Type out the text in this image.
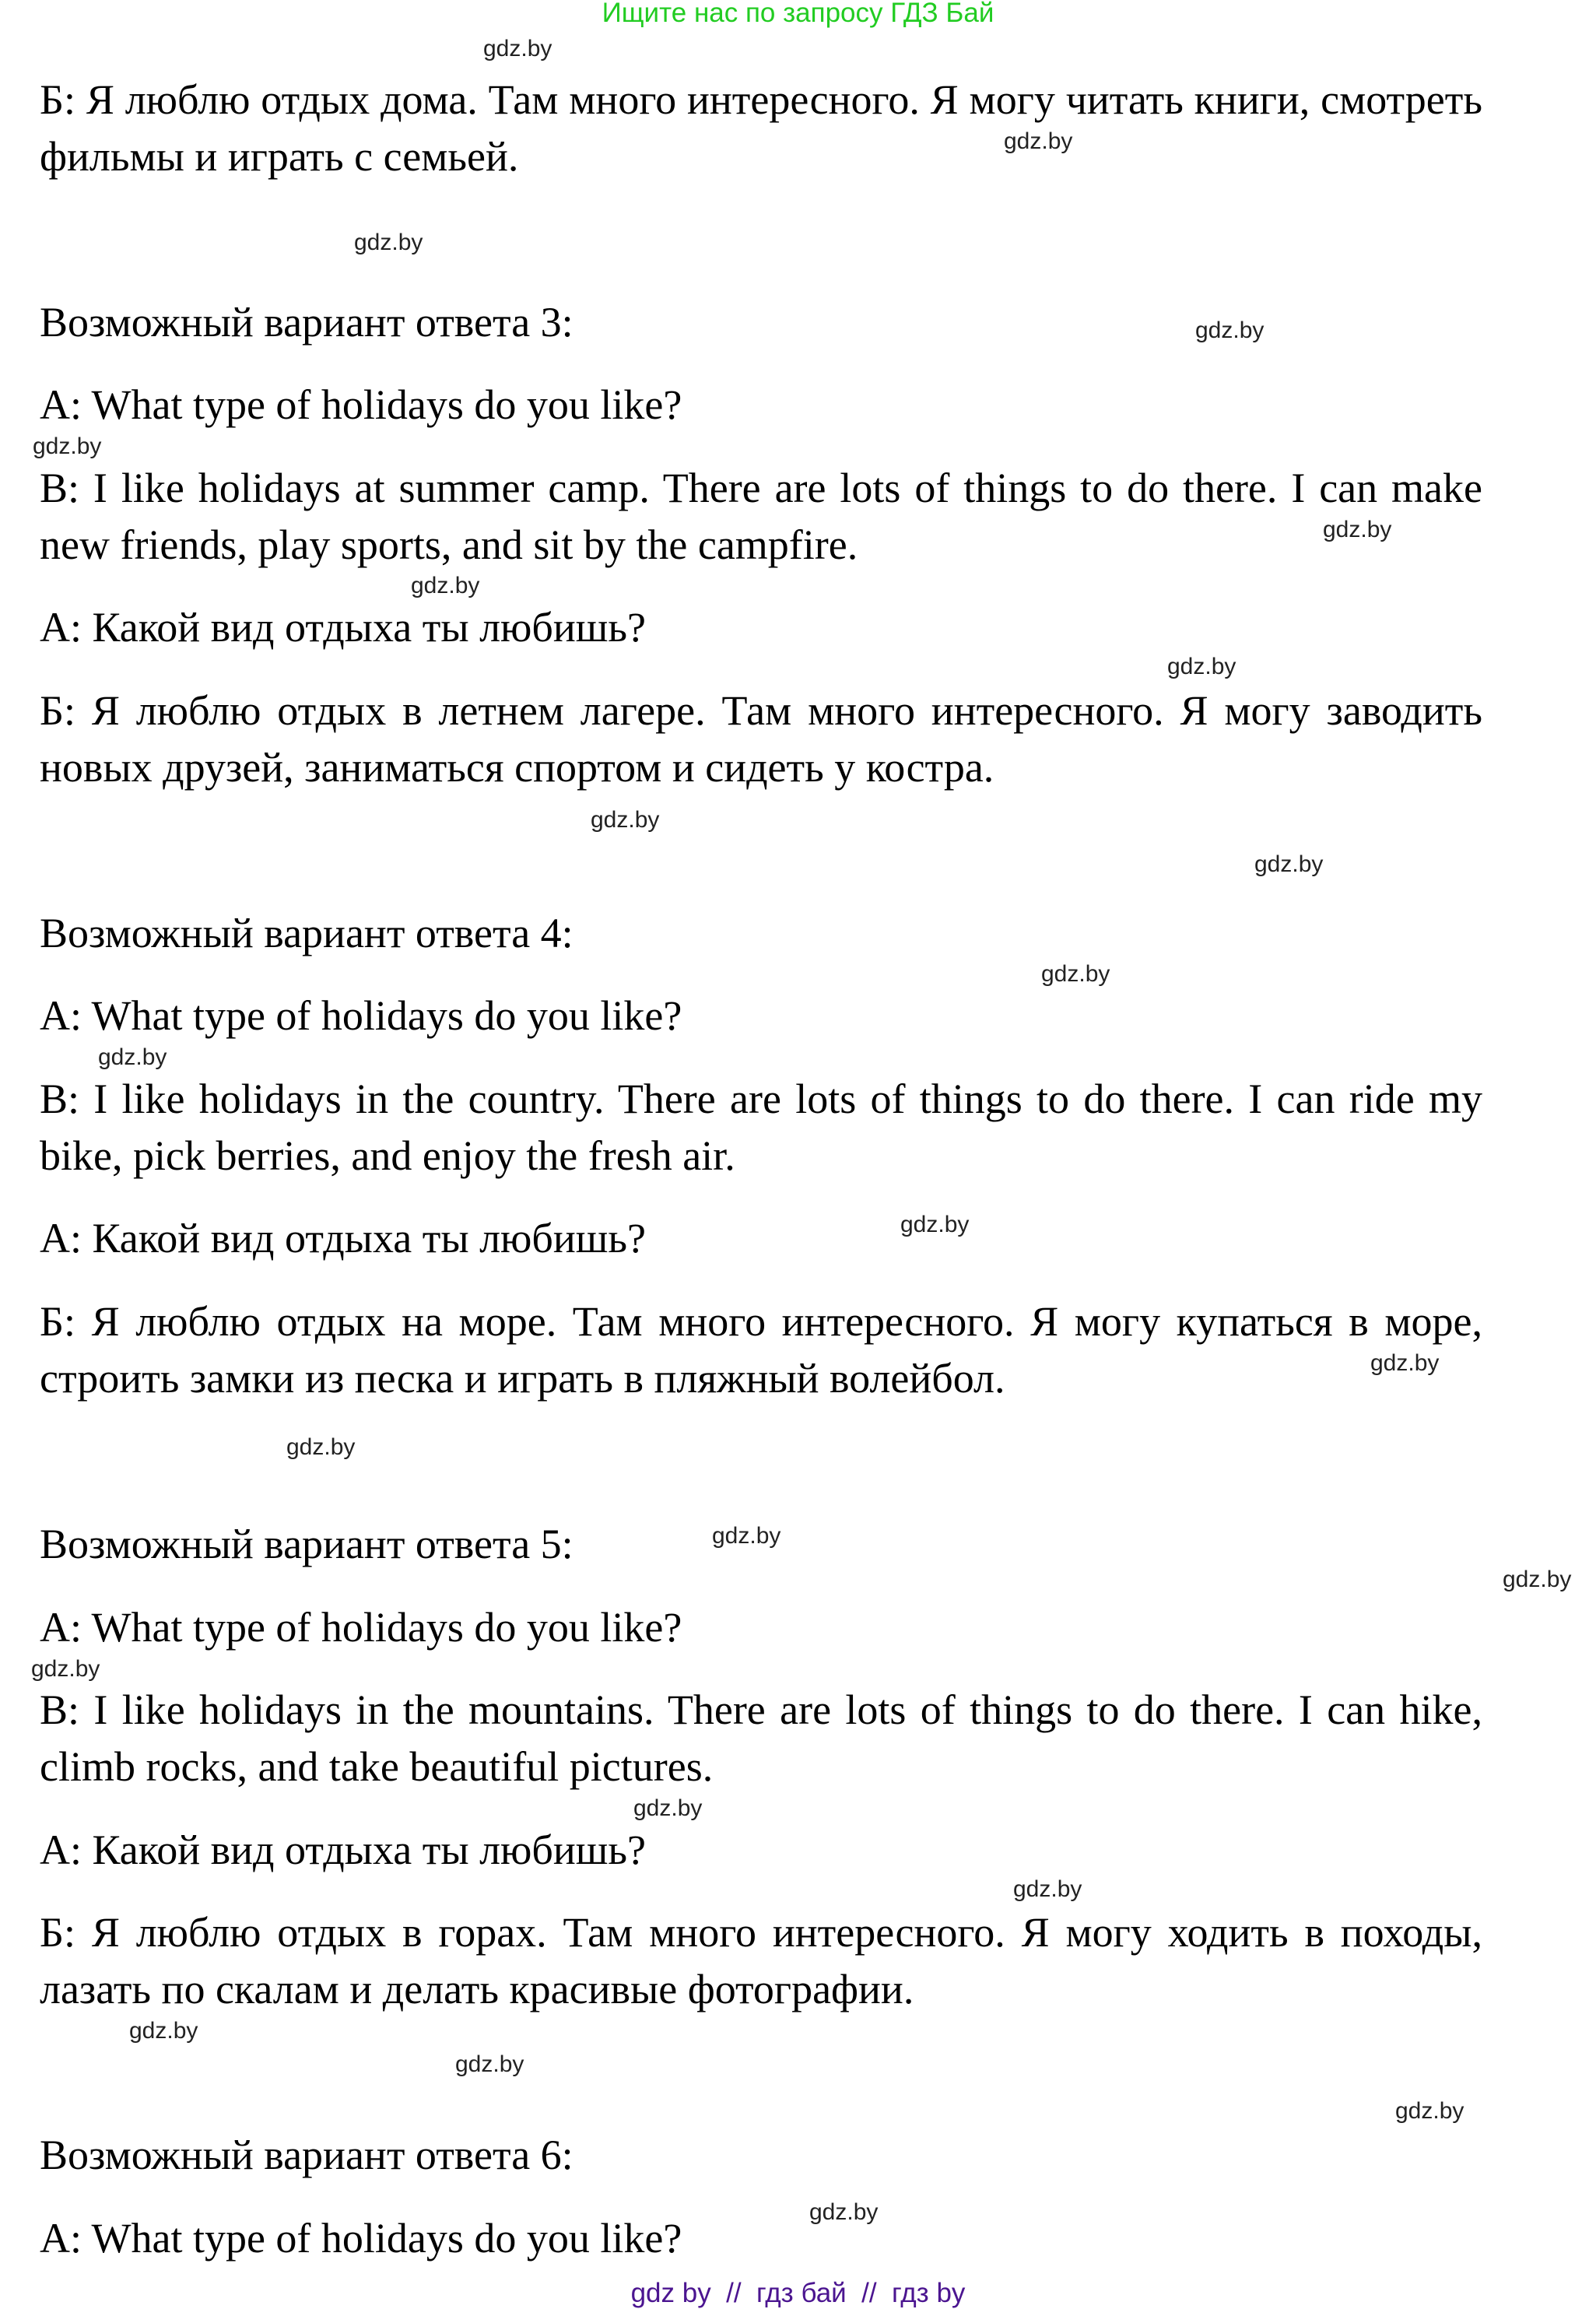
Ищите нас по запросу ГДЗ Бай

Б: Я люблю отдых дома. Там много интересного. Я могу читать книги, смотреть фильмы и играть с семьей.

Возможный вариант ответа 3:

A: What type of holidays do you like?

B: I like holidays at summer camp. There are lots of things to do there. I can make new friends, play sports, and sit by the campfire.

А: Какой вид отдыха ты любишь?

Б: Я люблю отдых в летнем лагере. Там много интересного. Я могу заводить новых друзей, заниматься спортом и сидеть у костра.

Возможный вариант ответа 4:

A: What type of holidays do you like?

B: I like holidays in the country. There are lots of things to do there. I can ride my bike, pick berries, and enjoy the fresh air.

А: Какой вид отдыха ты любишь?

Б: Я люблю отдых на море. Там много интересного. Я могу купаться в море, строить замки из песка и играть в пляжный волейбол.

Возможный вариант ответа 5:

A: What type of holidays do you like?

B: I like holidays in the mountains. There are lots of things to do there. I can hike, climb rocks, and take beautiful pictures.

А: Какой вид отдыха ты любишь?

Б: Я люблю отдых в горах. Там много интересного. Я могу ходить в походы, лазать по скалам и делать красивые фотографии.

Возможный вариант ответа 6:

A: What type of holidays do you like?

gdz.by
gdz.by
gdz.by
gdz.by
gdz.by
gdz.by
gdz.by
gdz.by
gdz.by
gdz.by
gdz.by
gdz.by
gdz.by
gdz.by
gdz.by
gdz.by
gdz.by
gdz.by
gdz.by
gdz.by
gdz.by
gdz.by
gdz.by
gdz.by
gdz by  //  гдз бай  //  гдз by
